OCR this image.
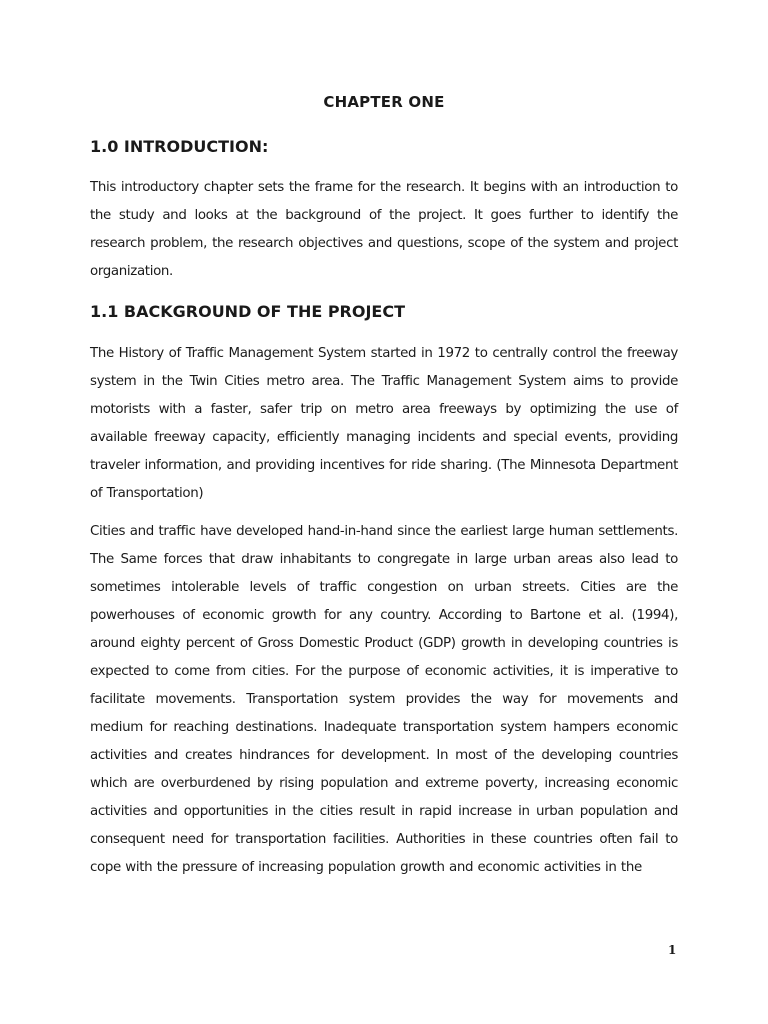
CHAPTER ONE
1.0 INTRODUCTION:

This introductory chapter sets the frame for the research. It begins with an introduction to the study and looks at the background of the project. It goes further to identify the research problem, the research objectives and questions, scope of the system and project organization.

1.1 BACKGROUND OF THE PROJECT

The History of Traffic Management System started in 1972 to centrally control the freeway system in the Twin Cities metro area. The Traffic Management System aims to provide motorists with a faster, safer trip on metro area freeways by optimizing the use of available freeway capacity, efficiently managing incidents and special events, providing traveler information, and providing incentives for ride sharing. (The Minnesota Department of Transportation)

Cities and traffic have developed hand-in-hand since the earliest large human settlements. The Same forces that draw inhabitants to congregate in large urban areas also lead to sometimes intolerable levels of traffic congestion on urban streets. Cities are the powerhouses of economic growth for any country. According to Bartone et al. (1994), around eighty percent of Gross Domestic Product (GDP) growth in developing countries is expected to come from cities. For the purpose of economic activities, it is imperative to facilitate movements. Transportation system provides the way for movements and medium for reaching destinations. Inadequate transportation system hampers economic activities and creates hindrances for development. In most of the developing countries which are overburdened by rising population and extreme poverty, increasing economic activities and opportunities in the cities result in rapid increase in urban population and consequent need for transportation facilities. Authorities in these countries often fail to cope with the pressure of increasing population growth and economic activities in the

1
